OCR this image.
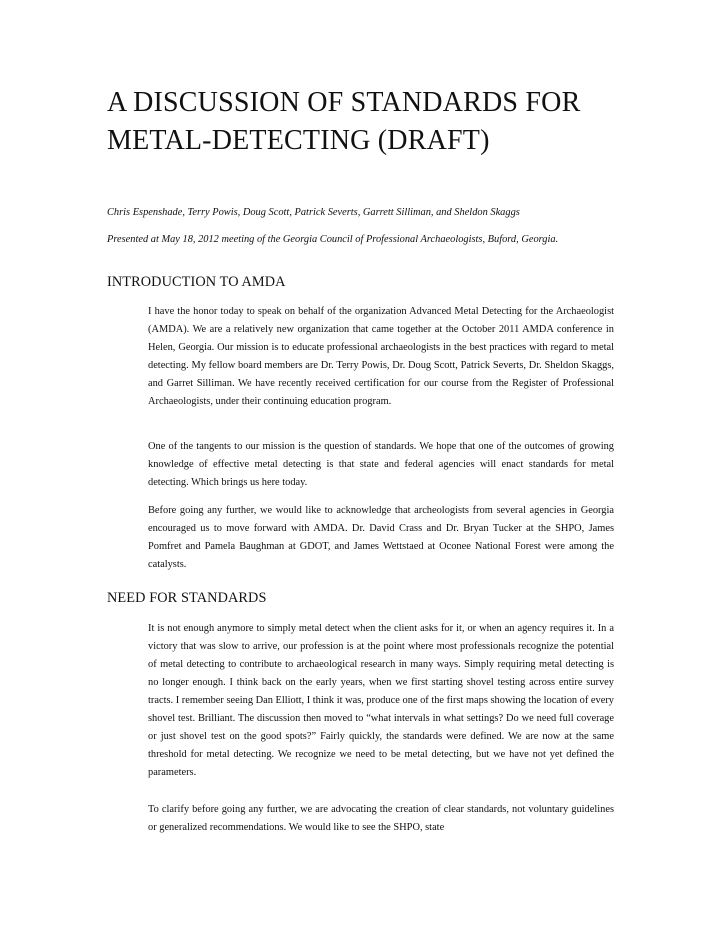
A DISCUSSION OF STANDARDS FOR METAL-DETECTING (DRAFT)

Chris Espenshade, Terry Powis, Doug Scott, Patrick Severts, Garrett Silliman, and Sheldon Skaggs

Presented at May 18, 2012 meeting of the Georgia Council of Professional Archaeologists, Buford, Georgia.

INTRODUCTION TO AMDA

I have the honor today to speak on behalf of the organization Advanced Metal Detecting for the Archaeologist (AMDA). We are a relatively new organization that came together at the October 2011 AMDA conference in Helen, Georgia. Our mission is to educate professional archaeologists in the best practices with regard to metal detecting. My fellow board members are Dr. Terry Powis, Dr. Doug Scott, Patrick Severts, Dr. Sheldon Skaggs, and Garret Silliman. We have recently received certification for our course from the Register of Professional Archaeologists, under their continuing education program.

One of the tangents to our mission is the question of standards. We hope that one of the outcomes of growing knowledge of effective metal detecting is that state and federal agencies will enact standards for metal detecting. Which brings us here today.

Before going any further, we would like to acknowledge that archeologists from several agencies in Georgia encouraged us to move forward with AMDA. Dr. David Crass and Dr. Bryan Tucker at the SHPO, James Pomfret and Pamela Baughman at GDOT, and James Wettstaed at Oconee National Forest were among the catalysts.

NEED FOR STANDARDS

It is not enough anymore to simply metal detect when the client asks for it, or when an agency requires it. In a victory that was slow to arrive, our profession is at the point where most professionals recognize the potential of metal detecting to contribute to archaeological research in many ways. Simply requiring metal detecting is no longer enough. I think back on the early years, when we first starting shovel testing across entire survey tracts. I remember seeing Dan Elliott, I think it was, produce one of the first maps showing the location of every shovel test. Brilliant. The discussion then moved to “what intervals in what settings? Do we need full coverage or just shovel test on the good spots?” Fairly quickly, the standards were defined. We are now at the same threshold for metal detecting. We recognize we need to be metal detecting, but we have not yet defined the parameters.

To clarify before going any further, we are advocating the creation of clear standards, not voluntary guidelines or generalized recommendations. We would like to see the SHPO, state
